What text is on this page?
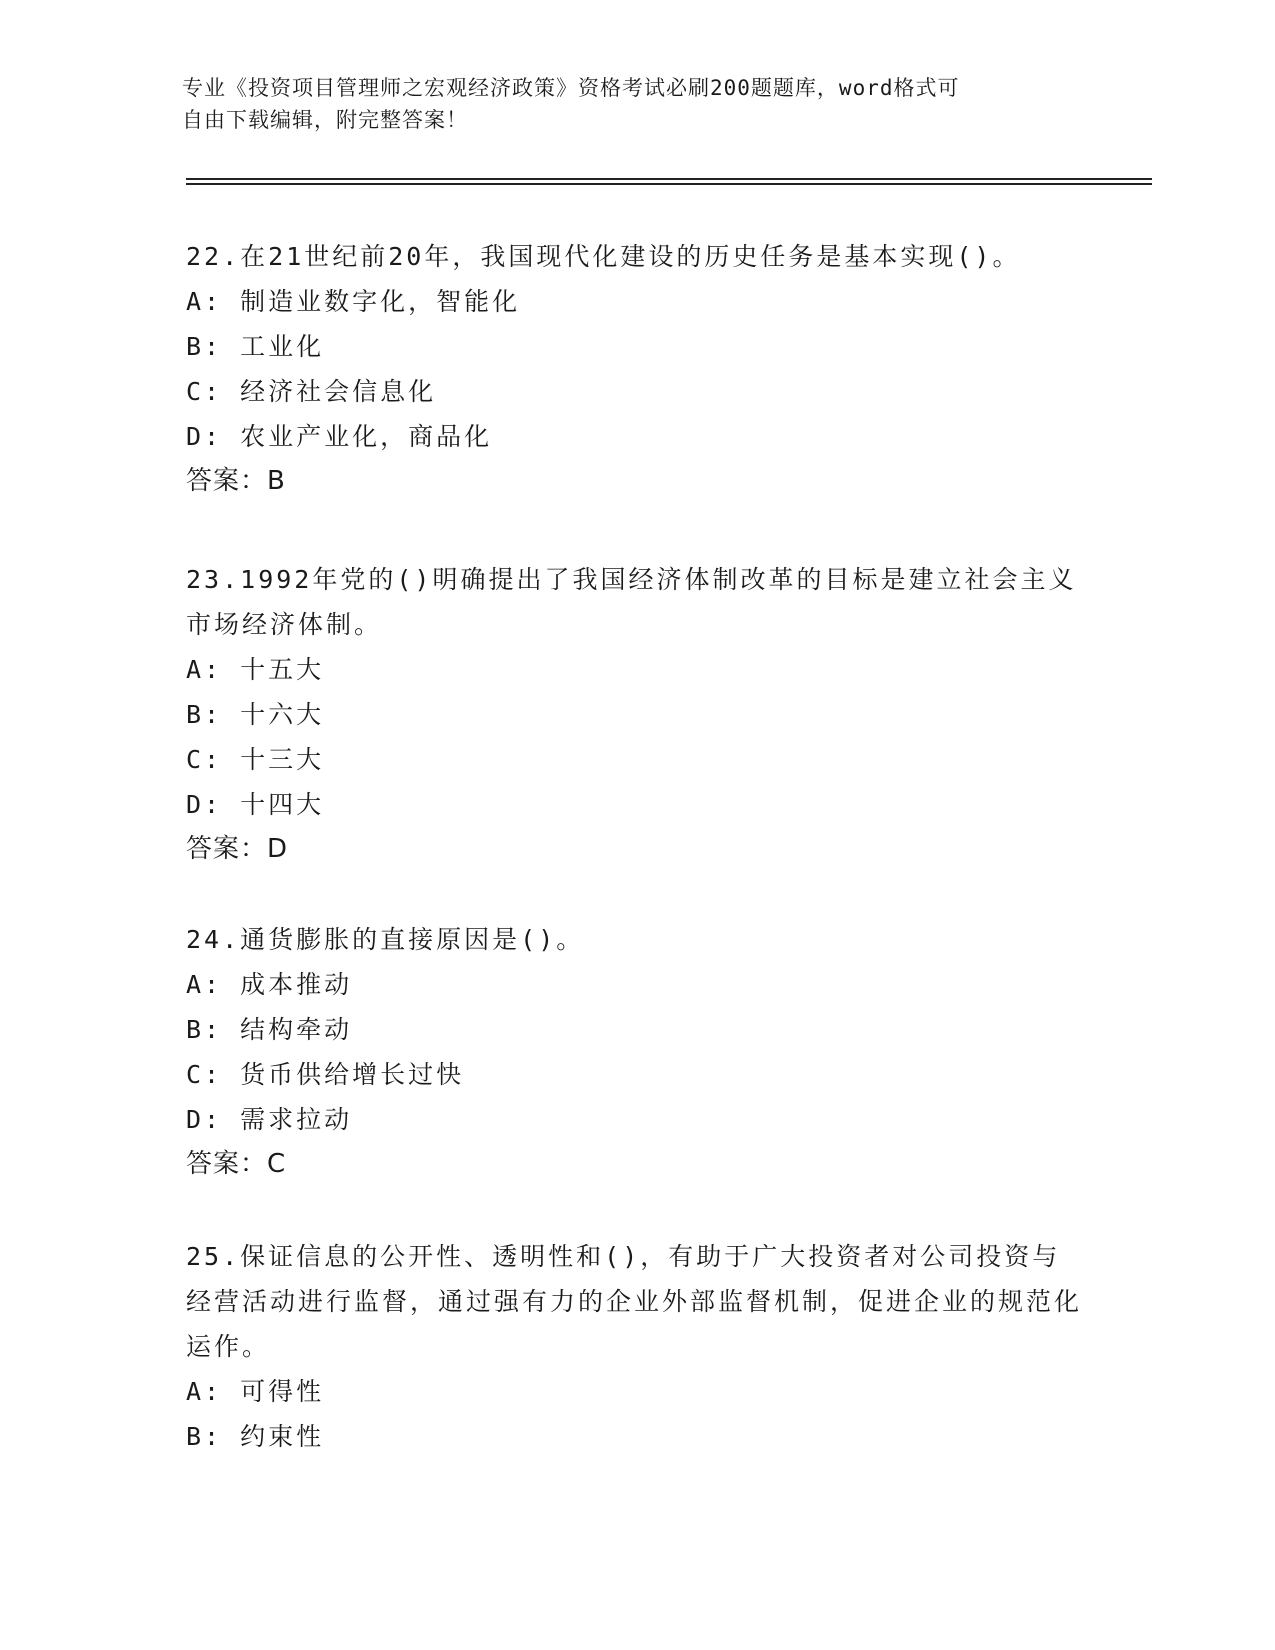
专业《投资项目管理师之宏观经济政策》资格考试必刷200题题库，word格式可
自由下载编辑，附完整答案！

22.在21世纪前20年，我国现代化建设的历史任务是基本实现()。

A: 制造业数字化，智能化

B: 工业化

C: 经济社会信息化

D: 农业产业化，商品化

答案：B

23.1992年党的()明确提出了我国经济体制改革的目标是建立社会主义市场经济体制。

A: 十五大

B: 十六大

C: 十三大

D: 十四大

答案：D

24.通货膨胀的直接原因是()。

A: 成本推动

B: 结构牵动

C: 货币供给增长过快

D: 需求拉动

答案：C

25.保证信息的公开性、透明性和()，有助于广大投资者对公司投资与经营活动进行监督，通过强有力的企业外部监督机制，促进企业的规范化运作。

A: 可得性

B: 约束性
